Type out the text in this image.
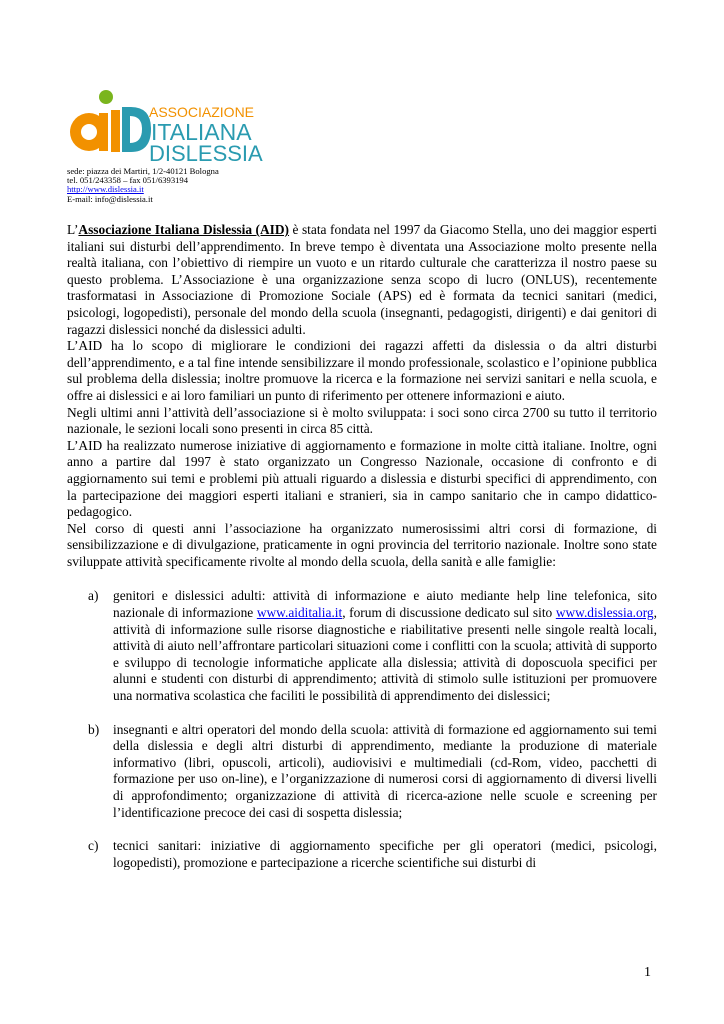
ASSOCIAZIONE
ITALIANA
DISLESSIA
sede: piazza dei Martiri, 1/2-40121 Bologna
tel. 051/243358 – fax 051/6393194
http://www.dislessia.it
E-mail: info@dislessia.it

L’Associazione Italiana Dislessia (AID) è stata fondata nel 1997 da Giacomo Stella, uno dei maggior esperti italiani sui disturbi dell’apprendimento. In breve tempo è diventata una Associazione molto presente nella realtà italiana, con l’obiettivo di riempire un vuoto e un ritardo culturale che caratterizza il nostro paese su questo problema. L’Associazione è una organizzazione senza scopo di lucro (ONLUS), recentemente trasformatasi in Associazione di Promozione Sociale (APS) ed è formata da tecnici sanitari (medici, psicologi, logopedisti), personale del mondo della scuola (insegnanti, pedagogisti, dirigenti) e dai genitori di ragazzi dislessici nonché da dislessici adulti.

L’AID ha lo scopo di migliorare le condizioni dei ragazzi affetti da dislessia o da altri disturbi dell’apprendimento, e a tal fine intende sensibilizzare il mondo professionale, scolastico e l’opinione pubblica sul problema della dislessia; inoltre promuove la ricerca e la formazione nei servizi sanitari e nella scuola, e offre ai dislessici e ai loro familiari un punto di riferimento per ottenere informazioni e aiuto.

Negli ultimi anni l’attività dell’associazione si è molto sviluppata: i soci sono circa 2700 su tutto il territorio nazionale, le sezioni locali sono presenti in circa 85 città.

L’AID ha realizzato numerose iniziative di aggiornamento e formazione in molte città italiane. Inoltre, ogni anno a partire dal 1997 è stato organizzato un Congresso Nazionale, occasione di confronto e di aggiornamento sui temi e problemi più attuali riguardo a dislessia e disturbi specifici di apprendimento, con la partecipazione dei maggiori esperti italiani e stranieri, sia in campo sanitario che in campo didattico-pedagogico.

Nel corso di questi anni l’associazione ha organizzato numerosissimi altri corsi di formazione, di sensibilizzazione e di divulgazione, praticamente in ogni provincia del territorio nazionale. Inoltre sono state sviluppate attività specificamente rivolte al mondo della scuola, della sanità e alle famiglie:

a) genitori e dislessici adulti: attività di informazione e aiuto mediante help line telefonica, sito nazionale di informazione www.aiditalia.it, forum di discussione dedicato sul sito www.dislessia.org, attività di informazione sulle risorse diagnostiche e riabilitative presenti nelle singole realtà locali, attività di aiuto nell’affrontare particolari situazioni come i conflitti con la scuola; attività di supporto e sviluppo di tecnologie informatiche applicate alla dislessia; attività di doposcuola specifici per alunni e studenti con disturbi di apprendimento; attività di stimolo sulle istituzioni per promuovere una normativa scolastica che faciliti le possibilità di apprendimento dei dislessici;
b) insegnanti e altri operatori del mondo della scuola: attività di formazione ed aggiornamento sui temi della dislessia e degli altri disturbi di apprendimento, mediante la produzione di materiale informativo (libri, opuscoli, articoli), audiovisivi e multimediali (cd-Rom, video, pacchetti di formazione per uso on-line), e l’organizzazione di numerosi corsi di aggiornamento di diversi livelli di approfondimento; organizzazione di attività di ricerca-azione nelle scuole e screening per l’identificazione precoce dei casi di sospetta dislessia;
c) tecnici sanitari: iniziative di aggiornamento specifiche per gli operatori (medici, psicologi, logopedisti), promozione e partecipazione a ricerche scientifiche sui disturbi di
1
